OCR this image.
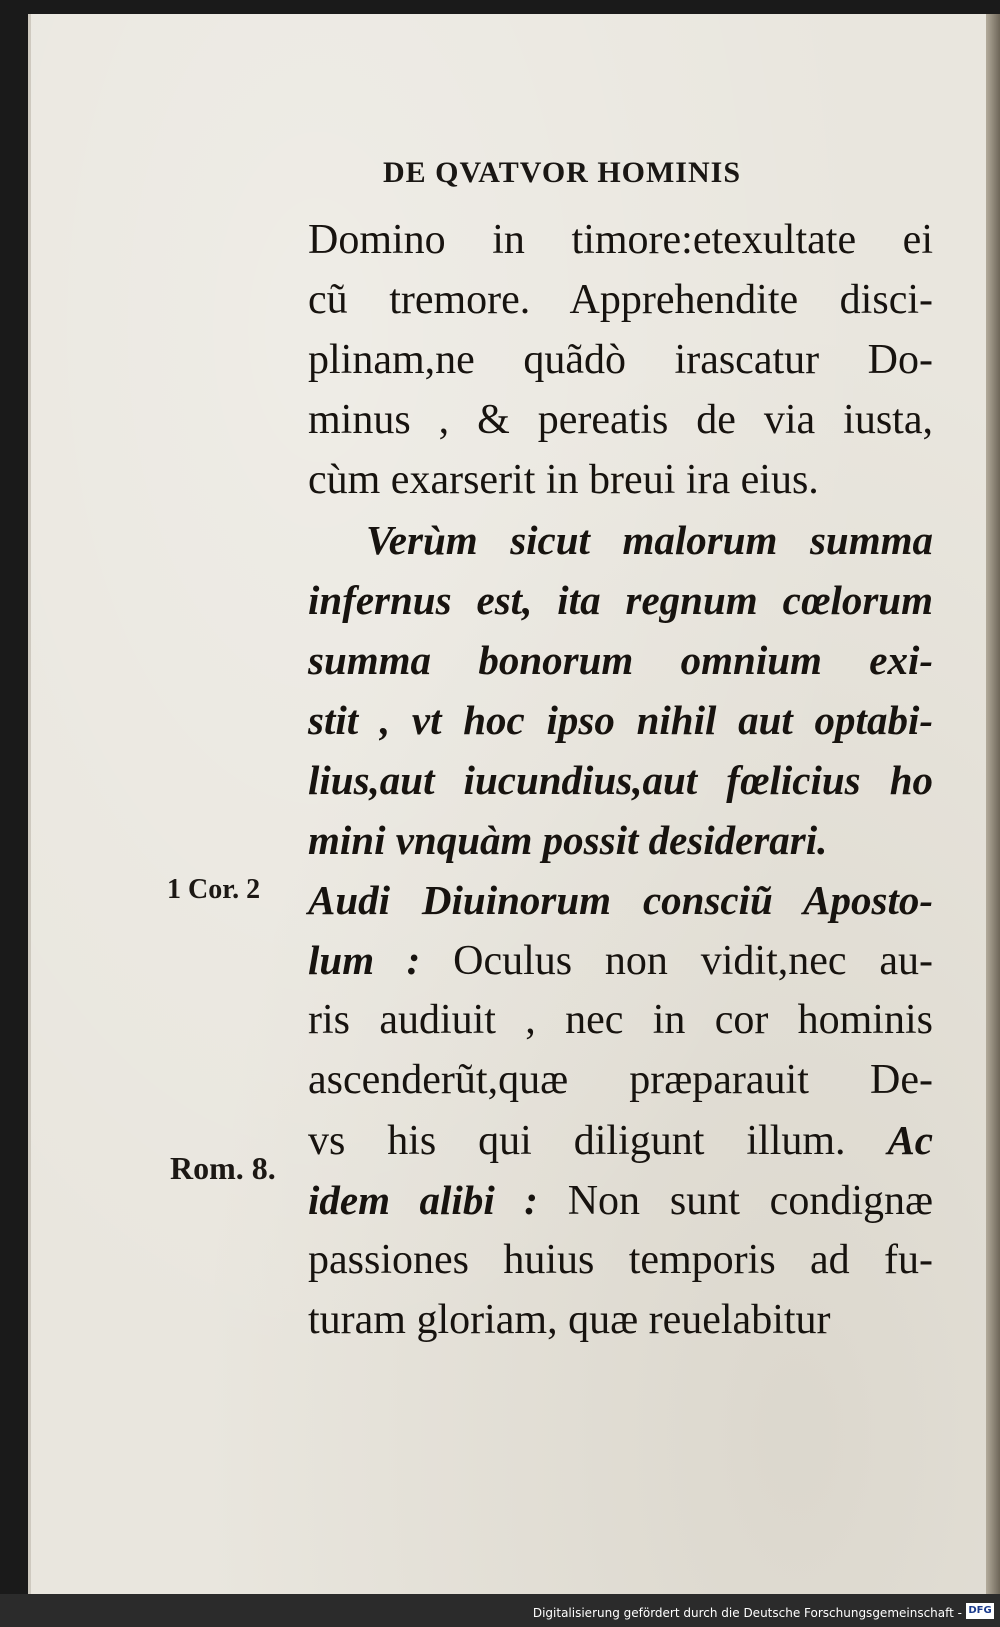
DE QVATVOR HOMINIS
1 Cor. 2
Rom. 8.
Domino in timore:etexultate ei
cũ tremore. Apprehendite disci-
plinam,ne quãdò irascatur Do-
minus , & pereatis de via iusta,
cùm exarserit in breui ira eius.
Verùm sicut malorum summa
infernus est, ita regnum cœlorum
summa bonorum omnium exi-
stit , vt hoc ipso nihil aut optabi-
lius,aut iucundius,aut fœlicius ho
mini vnquàm possit desiderari.
Audi Diuinorum consciũ Aposto-
lum : Oculus non vidit,nec au-
ris audiuit , nec in cor hominis
ascenderũt,quæ præparauit De-
vs his qui diligunt illum. Ac
idem alibi : Non sunt condignæ
passiones huius temporis ad fu-
turam gloriam, quæ reuelabitur
Digitalisierung gefördert durch die Deutsche Forschungsgemeinschaft - DFG
